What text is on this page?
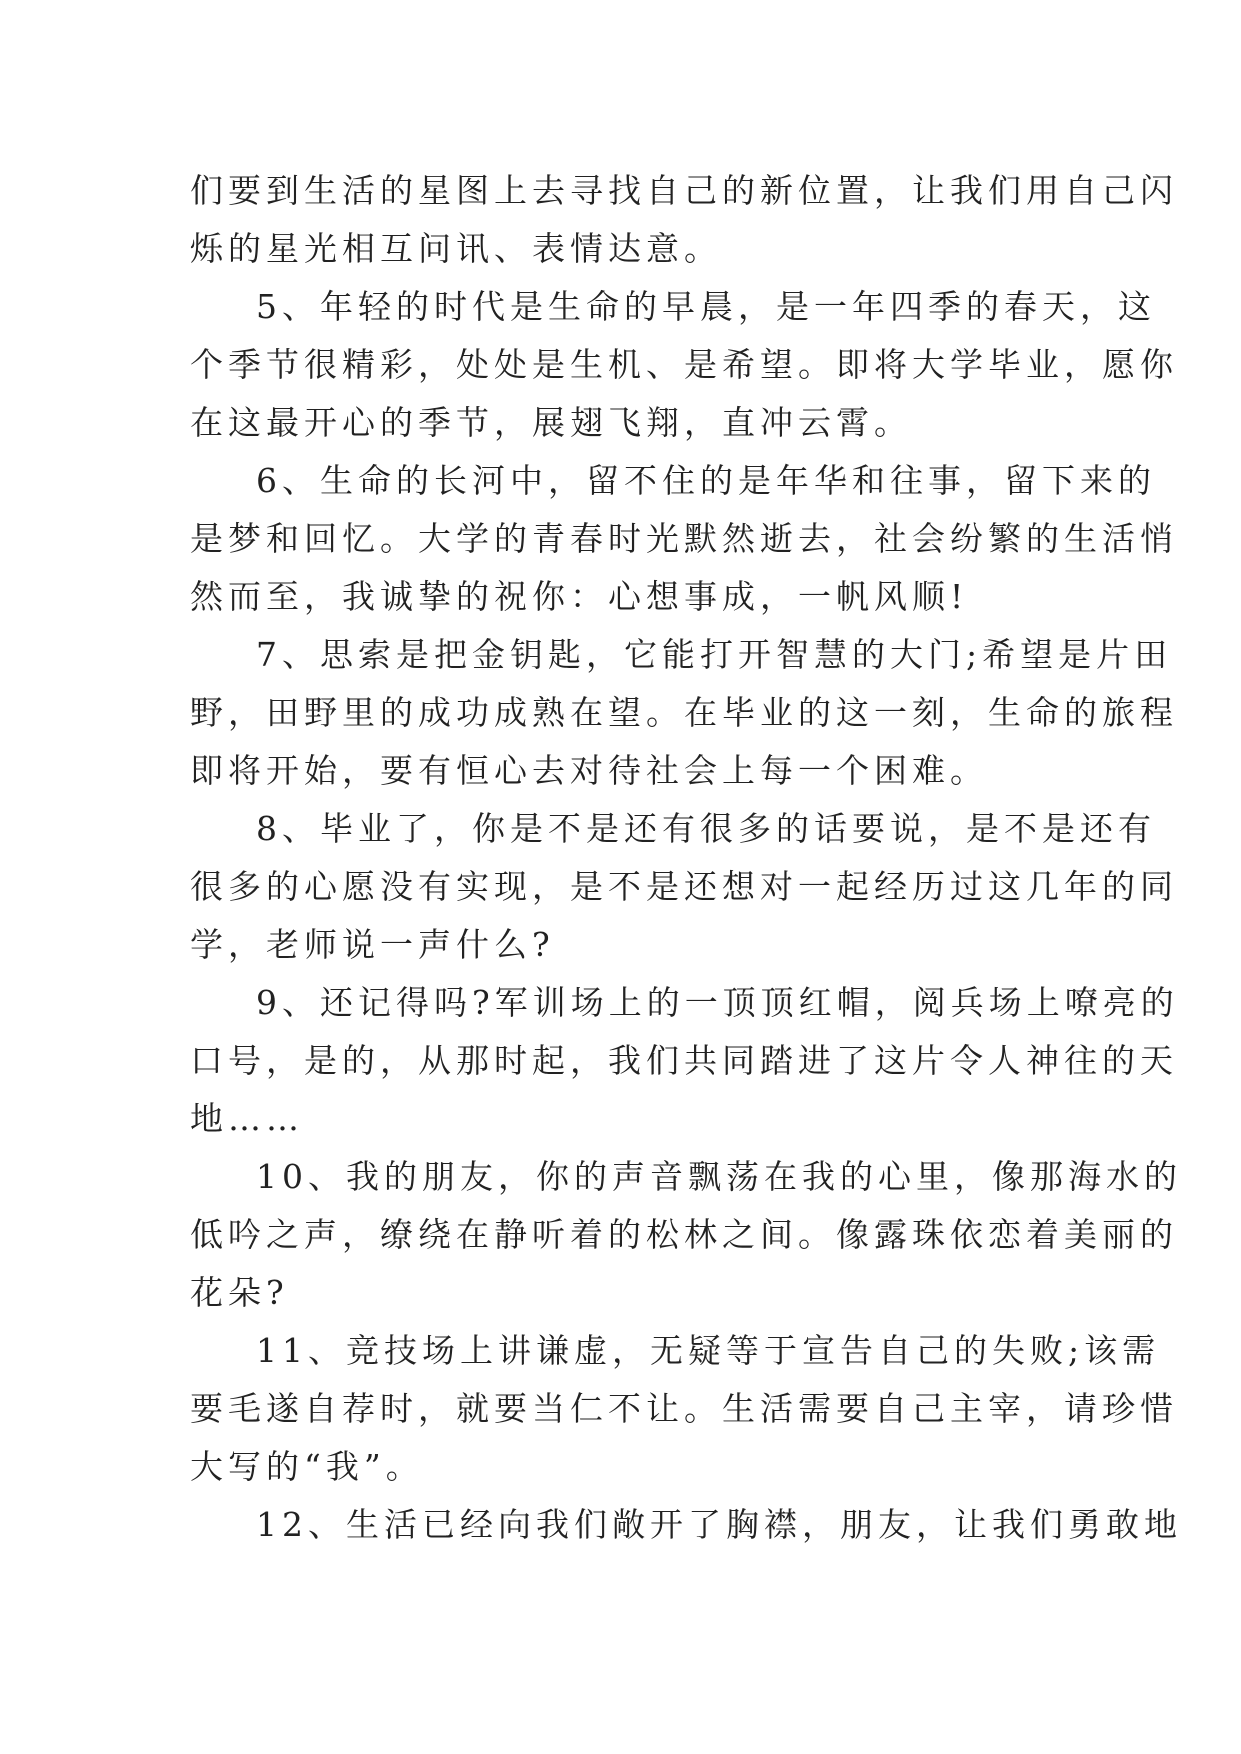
们要到生活的星图上去寻找自己的新位置，让我们用自己闪
烁的星光相互问讯、表情达意。
5、年轻的时代是生命的早晨，是一年四季的春天，这
个季节很精彩，处处是生机、是希望。即将大学毕业，愿你
在这最开心的季节，展翅飞翔，直冲云霄。
6、生命的长河中，留不住的是年华和往事，留下来的
是梦和回忆。大学的青春时光默然逝去，社会纷繁的生活悄
然而至，我诚挚的祝你：心想事成，一帆风顺!
7、思索是把金钥匙，它能打开智慧的大门;希望是片田
野，田野里的成功成熟在望。在毕业的这一刻，生命的旅程
即将开始，要有恒心去对待社会上每一个困难。
8、毕业了，你是不是还有很多的话要说，是不是还有
很多的心愿没有实现，是不是还想对一起经历过这几年的同
学，老师说一声什么?
9、还记得吗?军训场上的一顶顶红帽，阅兵场上嘹亮的
口号，是的，从那时起，我们共同踏进了这片令人神往的天
地……
10、我的朋友，你的声音飘荡在我的心里，像那海水的
低吟之声，缭绕在静听着的松林之间。像露珠依恋着美丽的
花朵?
11、竞技场上讲谦虚，无疑等于宣告自己的失败;该需
要毛遂自荐时，就要当仁不让。生活需要自己主宰，请珍惜
大写的“我”。
12、生活已经向我们敞开了胸襟，朋友，让我们勇敢地
